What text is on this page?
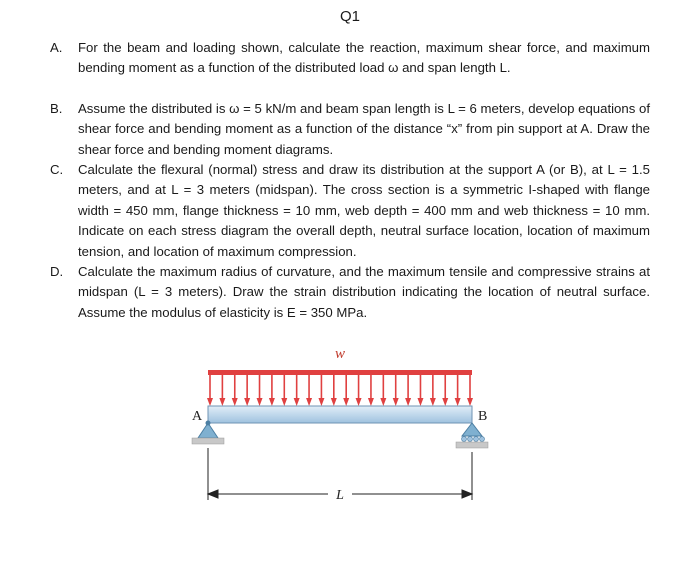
Q1
A. For the beam and loading shown, calculate the reaction, maximum shear force, and maximum bending moment as a function of the distributed load ω and span length L.
B. Assume the distributed is ω = 5 kN/m and beam span length is L = 6 meters, develop equations of shear force and bending moment as a function of the distance “x” from pin support at A. Draw the shear force and bending moment diagrams.
C. Calculate the flexural (normal) stress and draw its distribution at the support A (or B), at L = 1.5 meters, and at L = 3 meters (midspan). The cross section is a symmetric I-shaped with flange width = 450 mm, flange thickness = 10 mm, web depth = 400 mm and web thickness = 10 mm. Indicate on each stress diagram the overall depth, neutral surface location, location of maximum tension, and location of maximum compression.
D. Calculate the maximum radius of curvature, and the maximum tensile and compressive strains at midspan (L = 3 meters). Draw the strain distribution indicating the location of neutral surface. Assume the modulus of elasticity is E = 350 MPa.
w
A	B
L
